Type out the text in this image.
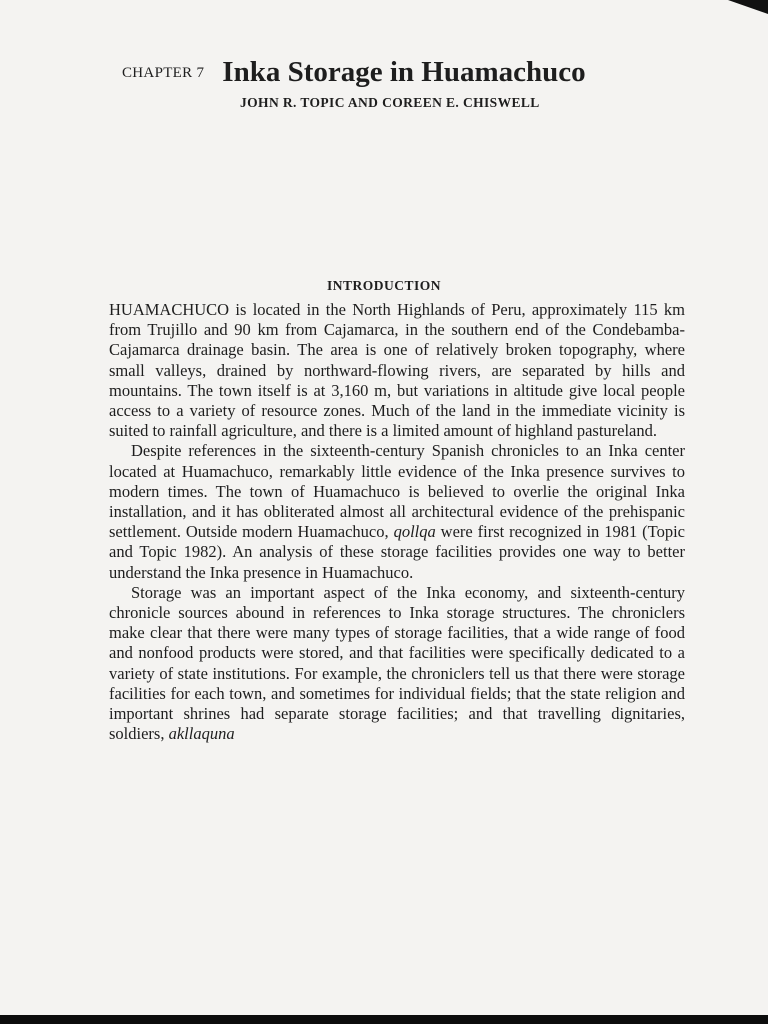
CHAPTER 7 Inka Storage in Huamachuco
JOHN R. TOPIC AND COREEN E. CHISWELL
INTRODUCTION

HUAMACHUCO is located in the North Highlands of Peru, approximately 115 km from Trujillo and 90 km from Cajamarca, in the southern end of the Condebamba-Cajamarca drainage basin. The area is one of relatively broken topography, where small valleys, drained by northward-flowing rivers, are separated by hills and mountains. The town itself is at 3,160 m, but variations in altitude give local people access to a variety of resource zones. Much of the land in the immediate vicinity is suited to rainfall agriculture, and there is a limited amount of highland pastureland.

Despite references in the sixteenth-century Spanish chronicles to an Inka center located at Huamachuco, remarkably little evidence of the Inka presence survives to modern times. The town of Huamachuco is believed to overlie the original Inka installation, and it has obliterated almost all architectural evidence of the prehispanic settlement. Outside modern Huamachuco, qollqa were first recognized in 1981 (Topic and Topic 1982). An analysis of these storage facilities provides one way to better understand the Inka presence in Huamachuco.

Storage was an important aspect of the Inka economy, and sixteenth-century chronicle sources abound in references to Inka storage structures. The chroniclers make clear that there were many types of storage facilities, that a wide range of food and nonfood products were stored, and that facilities were specifically dedicated to a variety of state institutions. For example, the chroniclers tell us that there were storage facilities for each town, and sometimes for individual fields; that the state religion and important shrines had separate storage facilities; and that travelling dignitaries, soldiers, akllaquna
